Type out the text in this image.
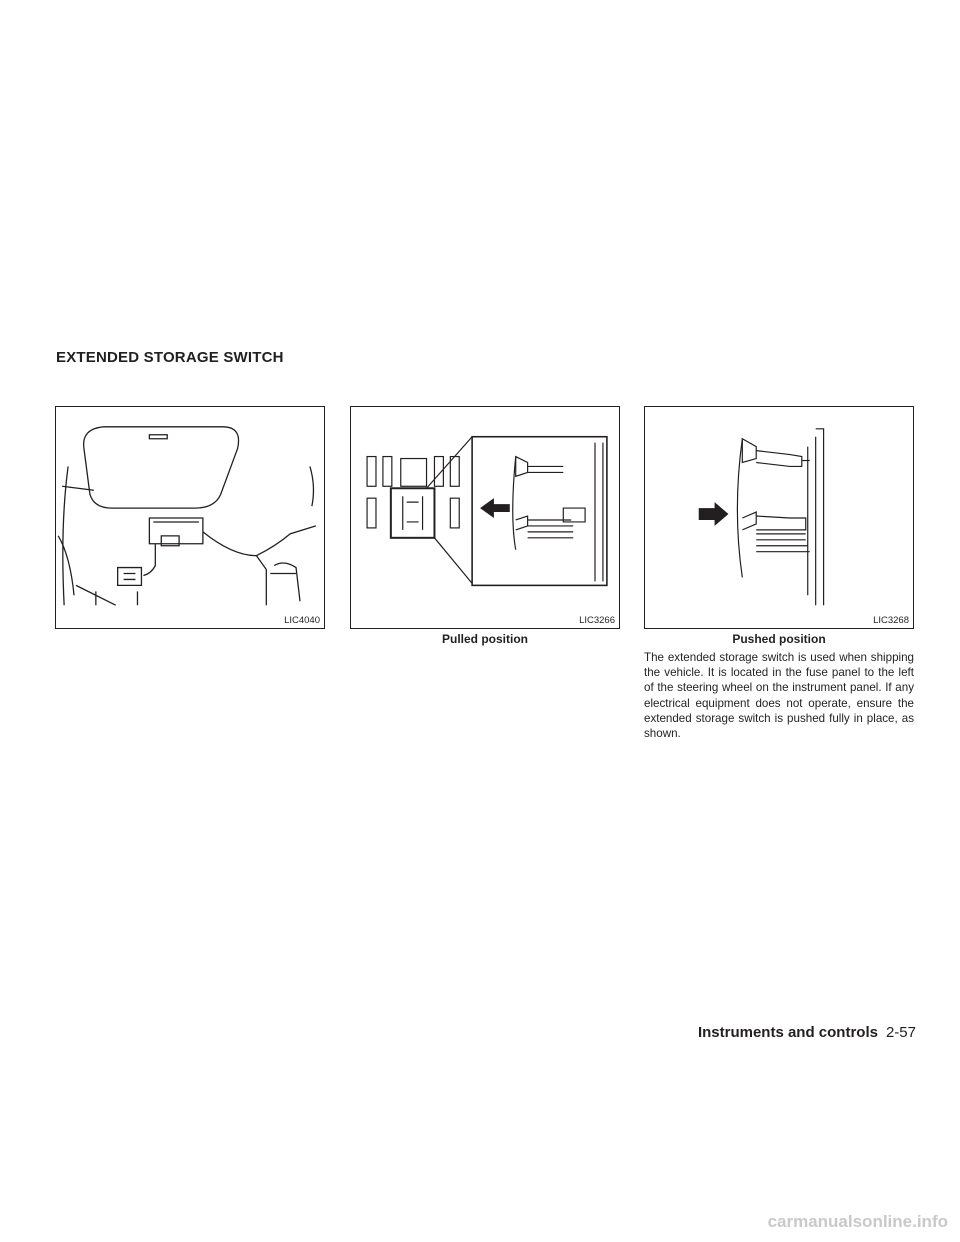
EXTENDED STORAGE SWITCH
LIC4040	LIC3266
Pulled position
LIC3268
Pushed position

The extended storage switch is used when shipping the vehicle. It is located in the fuse panel to the left of the steering wheel on the instrument panel. If any electrical equipment does not operate, ensure the extended storage switch is pushed fully in place, as shown.

Instruments and controls 2-57
carmanualsonline.info
